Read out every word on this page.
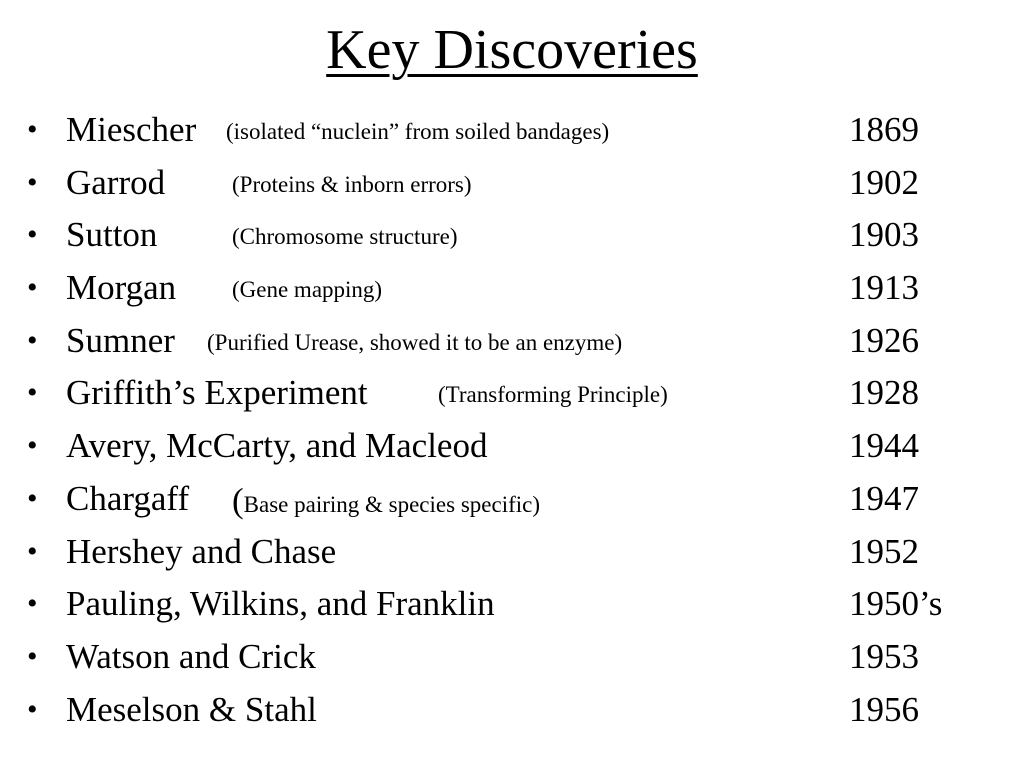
Key Discoveries
• Miescher (isolated “nuclein” from soiled bandages)	1869
• Garrod	(Proteins & inborn errors)	1902
• Sutton	(Chromosome structure)	1903
• Morgan (Gene mapping)	1913
• Sumner (Purified Urease, showed it to be an enzyme)	1926
• Griffith’s Experiment	(Transforming Principle)	1928
• Avery, McCarty, and Macleod	1944
• Chargaff (Base pairing & species specific)	1947
• Hershey and Chase	1952
• Pauling, Wilkins, and Franklin	1950’s
• Watson and Crick	1953
• Meselson & Stahl	1956
